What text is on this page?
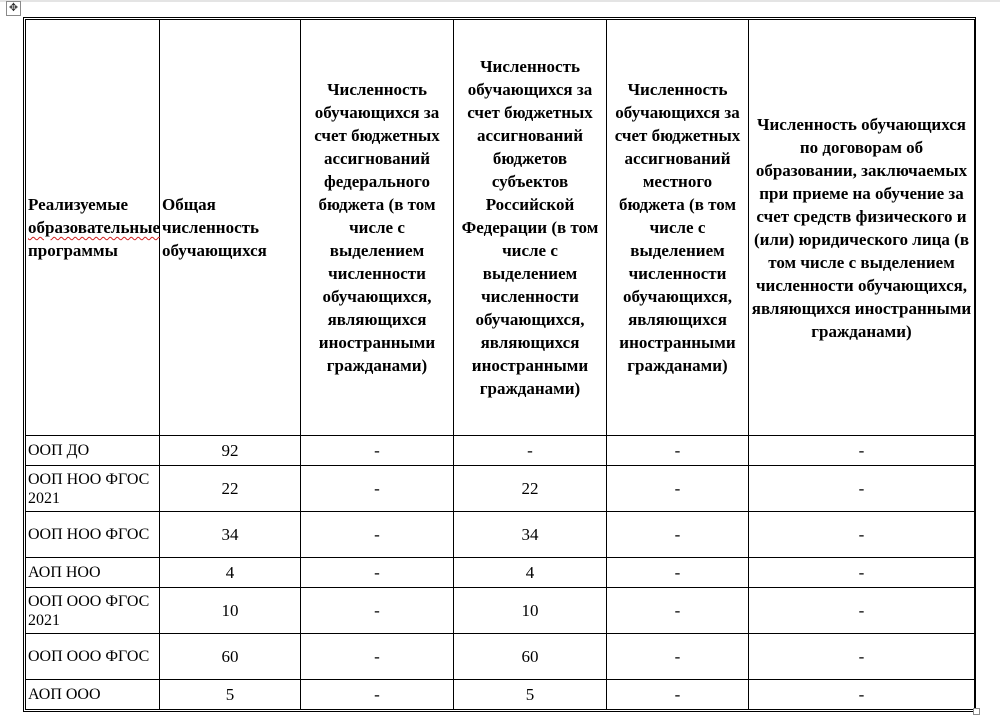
✥
Реализуемые образовательные программы	Общая численность обучающихся	Численность обучающихся за счет бюджетных ассигнований федерального бюджета (в том числе с выделением численности обучающихся, являющихся иностранными гражданами)	Численность обучающихся за счет бюджетных ассигнований бюджетов субъектов Российской Федерации (в том числе с выделением численности обучающихся, являющихся иностранными гражданами)	Численность обучающихся за счет бюджетных ассигнований местного бюджета (в том числе с выделением численности обучающихся, являющихся иностранными гражданами)	Численность обучающихся по договорам об образовании, заключаемых при приеме на обучение за счет средств физического и (или) юридического лица (в том числе с выделением численности обучающихся, являющихся иностранными гражданами)
ООП ДО	92	-	-	-	-
ООП НОО ФГОС 2021	22	-	22	-	-
ООП НОО ФГОС	34	-	34	-	-
АОП НОО	4	-	4	-	-
ООП ООО ФГОС 2021	10	-	10	-	-
ООП ООО ФГОС	60	-	60	-	-
АОП ООО	5	-	5	-	-
